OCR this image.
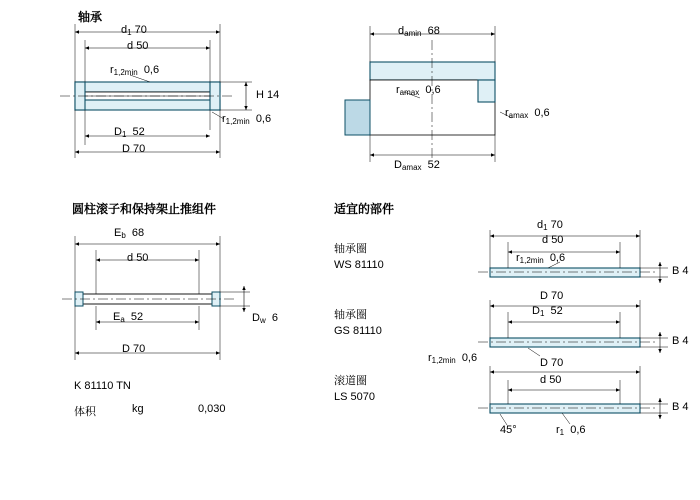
轴承
$d_1$ 70
d 50
$r_{1,2min}$ 0,6
H 14
$r_{1,2min}$ 0,6
$D_1$ 52
D 70
$d_{amin}$ 68
$r_{amax}$ 0,6
$r_{amax}$ 0,6
$D_{amax}$ 52
圆柱滚子和保持架止推组件
$E_b$ 68
d 50
$E_a$ 52	$D_w$ 6
D 70
K 81110 TN
体积	kg	0,030
适宜的部件
轴承圈
WS 81110
$d_1$ 70
d 50
$r_{1,2min}$ 0,6
B 4
轴承圈
GS 81110
D 70
$D_1$ 52
$r_{1,2min}$ 0,6
B 4
滚道圈
LS 5070
D 70
d 50
45°	$r_1$ 0,6
B 4
